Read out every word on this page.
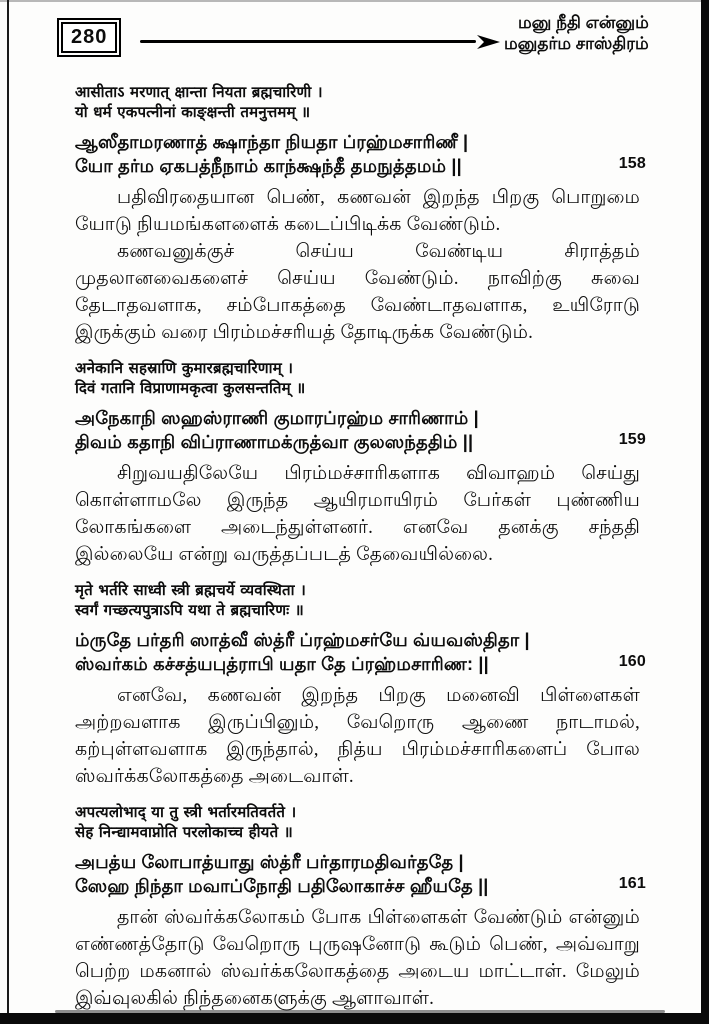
280
மனு நீதி என்னும்
மனுதர்ம சாஸ்திரம்
आसीताऽ मरणात् क्षान्ता नियता ब्रह्मचारिणी ।
यो धर्म एकपत्नीनां काङ्क्षन्ती तमनुत्तमम् ॥
ஆஸீதாமரணாத் க்ஷாந்தா நியதா ப்ரஹ்மசாரிணீ |
யோ தர்ம ஏகபத்நீநாம் காந்க்ஷந்தீ தமநுத்தமம் ||	158

பதிவிரதையான பெண், கணவன் இறந்த பிறகு பொறுமை யோடு நியமங்களளைக் கடைப்பிடிக்க வேண்டும்.

கணவனுக்குச் செய்ய வேண்டிய சிராத்தம் முதலானவைகளைச் செய்ய வேண்டும். நாவிற்கு சுவை தேடாதவளாக, சம்போகத்தை வேண்டாதவளாக, உயிரோடு இருக்கும் வரை பிரம்மச்சரியத் தோடிருக்க வேண்டும்.

अनेकानि सहस्राणि कुमारब्रह्मचारिणाम् ।
दिवं गतानि विप्राणामकृत्वा कुलसन्ततिम् ॥
அநேகாநி ஸஹஸ்ராணி குமாரப்ரஹ்ம சாரிணாம் |
திவம் கதாநி விப்ராணாமக்ருத்வா குலஸந்ததிம் ||	159

சிறுவயதிலேயே பிரம்மச்சாரிகளாக விவாஹம் செய்து கொள்ளாமலே இருந்த ஆயிரமாயிரம் பேர்கள் புண்ணிய லோகங்களை அடைந்துள்ளனர். எனவே தனக்கு சந்ததி இல்லையே என்று வருத்தப்படத் தேவையில்லை.

मृते भर्तरि साध्वी स्त्री ब्रह्मचर्ये व्यवस्थिता ।
स्वर्गं गच्छत्यपुत्राऽपि यथा ते ब्रह्मचारिणः ॥
ம்ருதே பர்தரி ஸாத்வீ ஸ்த்ரீ ப்ரஹ்மசர்யே வ்யவஸ்திதா |
ஸ்வர்கம் கச்சத்யபுத்ராபி யதா தே ப்ரஹ்மசாரிண: ||	160

எனவே, கணவன் இறந்த பிறகு மனைவி பிள்ளைகள் அற்றவளாக இருப்பினும், வேறொரு ஆணை நாடாமல், கற்புள்ளவளாக இருந்தால், நித்ய பிரம்மச்சாரிகளைப் போல ஸ்வர்க்கலோகத்தை அடைவாள்.

अपत्यलोभाद् या तु स्त्री भर्तारमतिवर्तते ।
सेह निन्द्यामवाप्नोति परलोकाच्च हीयते ॥
அபத்ய லோபாத்யாது ஸ்த்ரீ பர்தாரமதிவர்ததே |
ஸேஹ நிந்தா மவாப்நோதி பதிலோகாச்ச ஹீயதே ||	161

தான் ஸ்வர்க்கலோகம் போக பிள்ளைகள் வேண்டும் என்னும் எண்ணத்தோடு வேறொரு புருஷனோடு கூடும் பெண், அவ்வாறு பெற்ற மகனால் ஸ்வர்க்கலோகத்தை அடைய மாட்டாள். மேலும் இவ்வுலகில் நிந்தனைகளுக்கு ஆளாவாள்.
